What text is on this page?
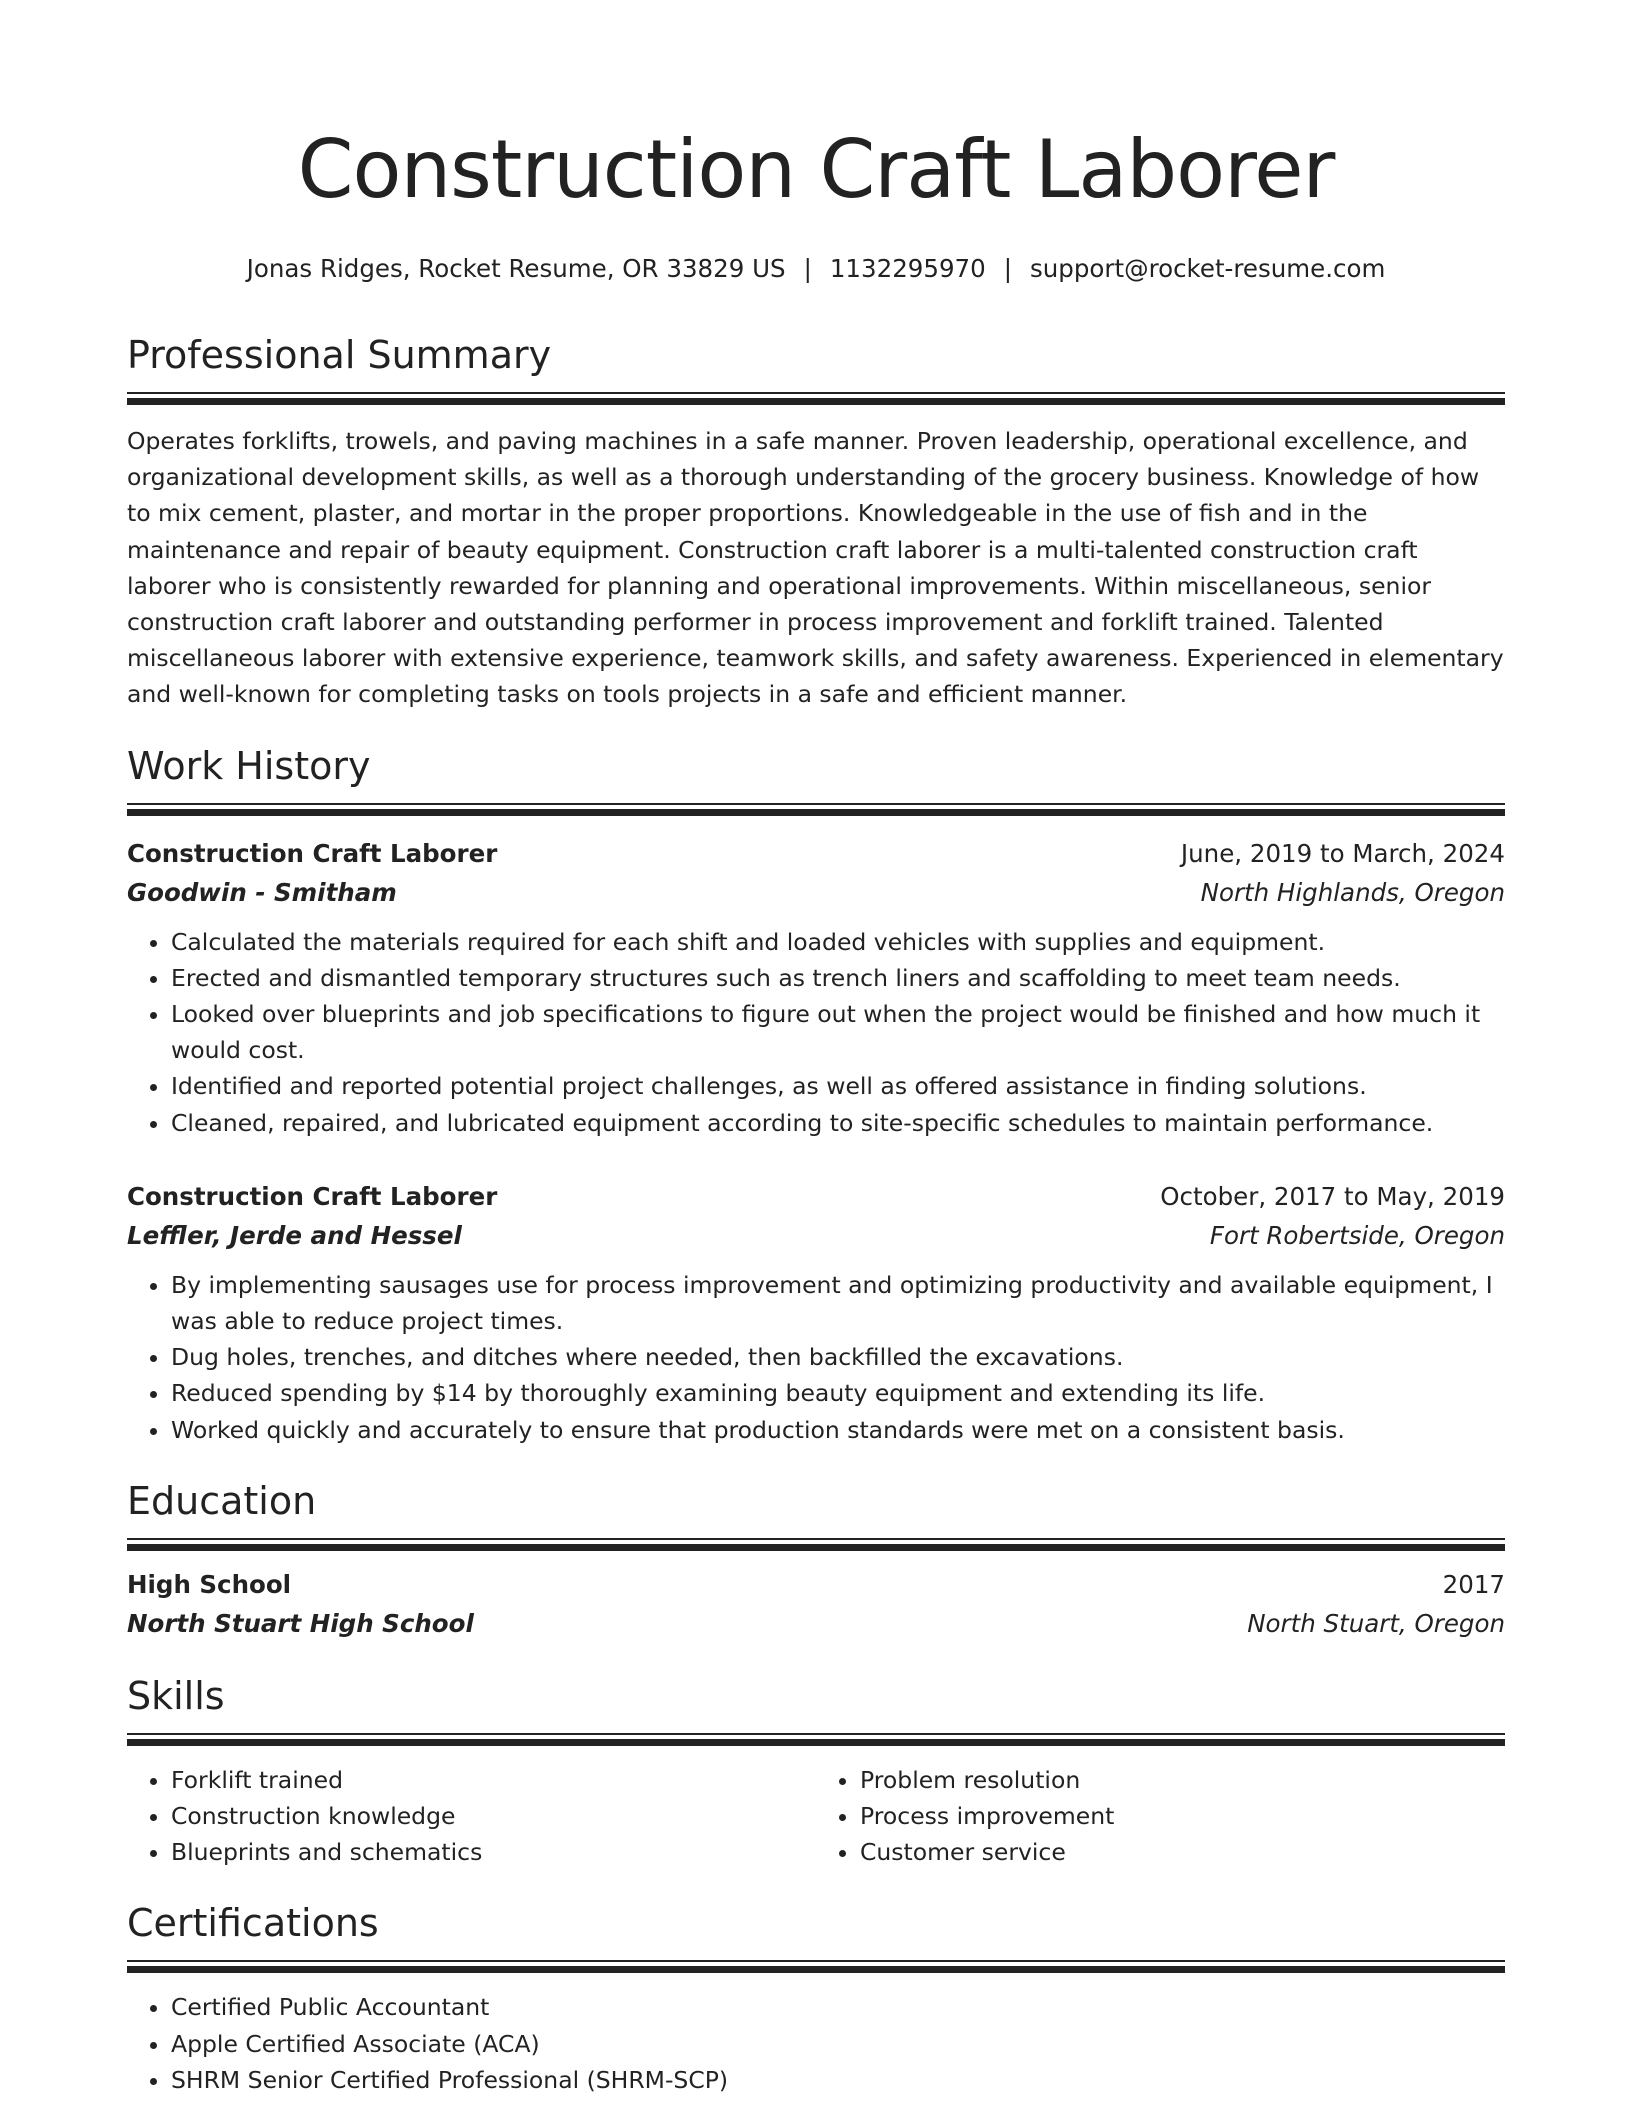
Construction Craft Laborer
Jonas Ridges, Rocket Resume, OR 33829 US | 1132295970 | support@rocket-resume.com
Professional Summary
Operates forklifts, trowels, and paving machines in a safe manner. Proven leadership, operational excellence, and organizational development skills, as well as a thorough understanding of the grocery business. Knowledge of how to mix cement, plaster, and mortar in the proper proportions. Knowledgeable in the use of fish and in the maintenance and repair of beauty equipment. Construction craft laborer is a multi-talented construction craft laborer who is consistently rewarded for planning and operational improvements. Within miscellaneous, senior construction craft laborer and outstanding performer in process improvement and forklift trained. Talented miscellaneous laborer with extensive experience, teamwork skills, and safety awareness. Experienced in elementary and well-known for completing tasks on tools projects in a safe and efficient manner.
Work History
Construction Craft Laborer	June, 2019 to March, 2024
Goodwin - Smitham	North Highlands, Oregon
• Calculated the materials required for each shift and loaded vehicles with supplies and equipment.
• Erected and dismantled temporary structures such as trench liners and scaffolding to meet team needs.
• Looked over blueprints and job specifications to figure out when the project would be finished and how much it would cost.
• Identified and reported potential project challenges, as well as offered assistance in finding solutions.
• Cleaned, repaired, and lubricated equipment according to site-specific schedules to maintain performance.
Construction Craft Laborer	October, 2017 to May, 2019
Leffler, Jerde and Hessel	Fort Robertside, Oregon
• By implementing sausages use for process improvement and optimizing productivity and available equipment, I was able to reduce project times.
• Dug holes, trenches, and ditches where needed, then backfilled the excavations.
• Reduced spending by $14 by thoroughly examining beauty equipment and extending its life.
• Worked quickly and accurately to ensure that production standards were met on a consistent basis.
Education
High School	2017
North Stuart High School	North Stuart, Oregon
Skills
• Forklift trained
• Construction knowledge
• Blueprints and schematics
• Problem resolution
• Process improvement
• Customer service
Certifications
• Certified Public Accountant
• Apple Certified Associate (ACA)
• SHRM Senior Certified Professional (SHRM-SCP)
